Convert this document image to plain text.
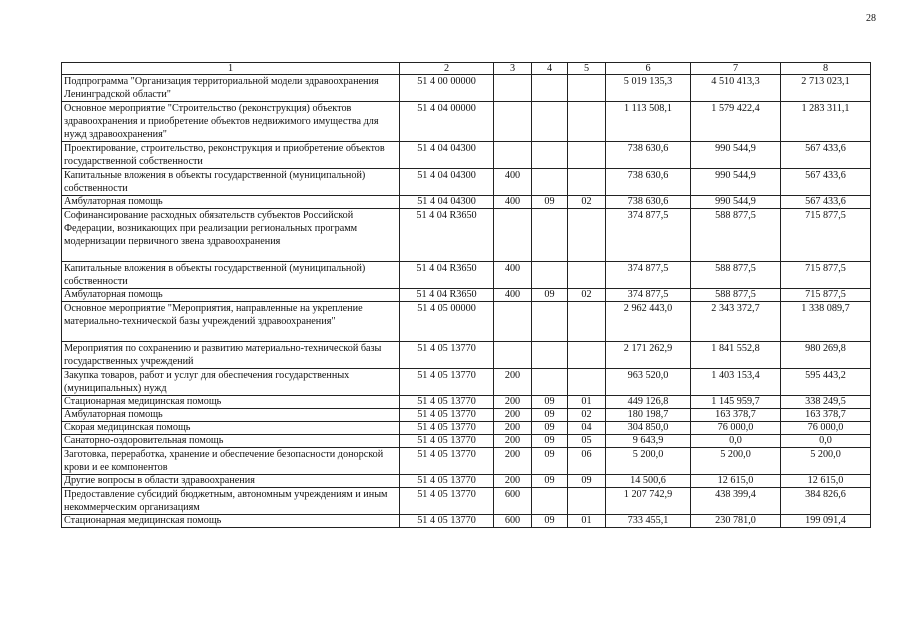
28
1	2	3	4	5	6	7	8
Подпрограмма "Организация территориальной модели здравоохранения Ленинградской области"	51 4 00 00000				5 019 135,3	4 510 413,3	2 713 023,1
Основное мероприятие "Строительство (реконструкция) объектов здравоохранения и приобретение объектов недвижимого имущества для нужд здравоохранения"	51 4 04 00000				1 113 508,1	1 579 422,4	1 283 311,1
Проектирование, строительство, реконструкция и приобретение объектов государственной собственности	51 4 04 04300				738 630,6	990 544,9	567 433,6
Капитальные вложения в объекты государственной (муниципальной) собственности	51 4 04 04300	400			738 630,6	990 544,9	567 433,6
Амбулаторная помощь	51 4 04 04300	400	09	02	738 630,6	990 544,9	567 433,6
Софинансирование расходных обязательств субъектов Российской Федерации, возникающих при реализации региональных программ модернизации первичного звена здравоохранения	51 4 04 R3650				374 877,5	588 877,5	715 877,5
Капитальные вложения в объекты государственной (муниципальной) собственности	51 4 04 R3650	400			374 877,5	588 877,5	715 877,5
Амбулаторная помощь	51 4 04 R3650	400	09	02	374 877,5	588 877,5	715 877,5
Основное мероприятие "Мероприятия, направленные на укрепление материально-технической базы учреждений здравоохранения"	51 4 05 00000				2 962 443,0	2 343 372,7	1 338 089,7
Мероприятия по сохранению и развитию материально-технической базы государственных учреждений	51 4 05 13770				2 171 262,9	1 841 552,8	980 269,8
Закупка товаров, работ и услуг для обеспечения государственных (муниципальных) нужд	51 4 05 13770	200			963 520,0	1 403 153,4	595 443,2
Стационарная медицинская помощь	51 4 05 13770	200	09	01	449 126,8	1 145 959,7	338 249,5
Амбулаторная помощь	51 4 05 13770	200	09	02	180 198,7	163 378,7	163 378,7
Скорая медицинская помощь	51 4 05 13770	200	09	04	304 850,0	76 000,0	76 000,0
Санаторно-оздоровительная помощь	51 4 05 13770	200	09	05	9 643,9	0,0	0,0
Заготовка, переработка, хранение и обеспечение безопасности донорской крови и ее компонентов	51 4 05 13770	200	09	06	5 200,0	5 200,0	5 200,0
Другие вопросы в области здравоохранения	51 4 05 13770	200	09	09	14 500,6	12 615,0	12 615,0
Предоставление субсидий бюджетным, автономным учреждениям и иным некоммерческим организациям	51 4 05 13770	600			1 207 742,9	438 399,4	384 826,6
Стационарная медицинская помощь	51 4 05 13770	600	09	01	733 455,1	230 781,0	199 091,4
